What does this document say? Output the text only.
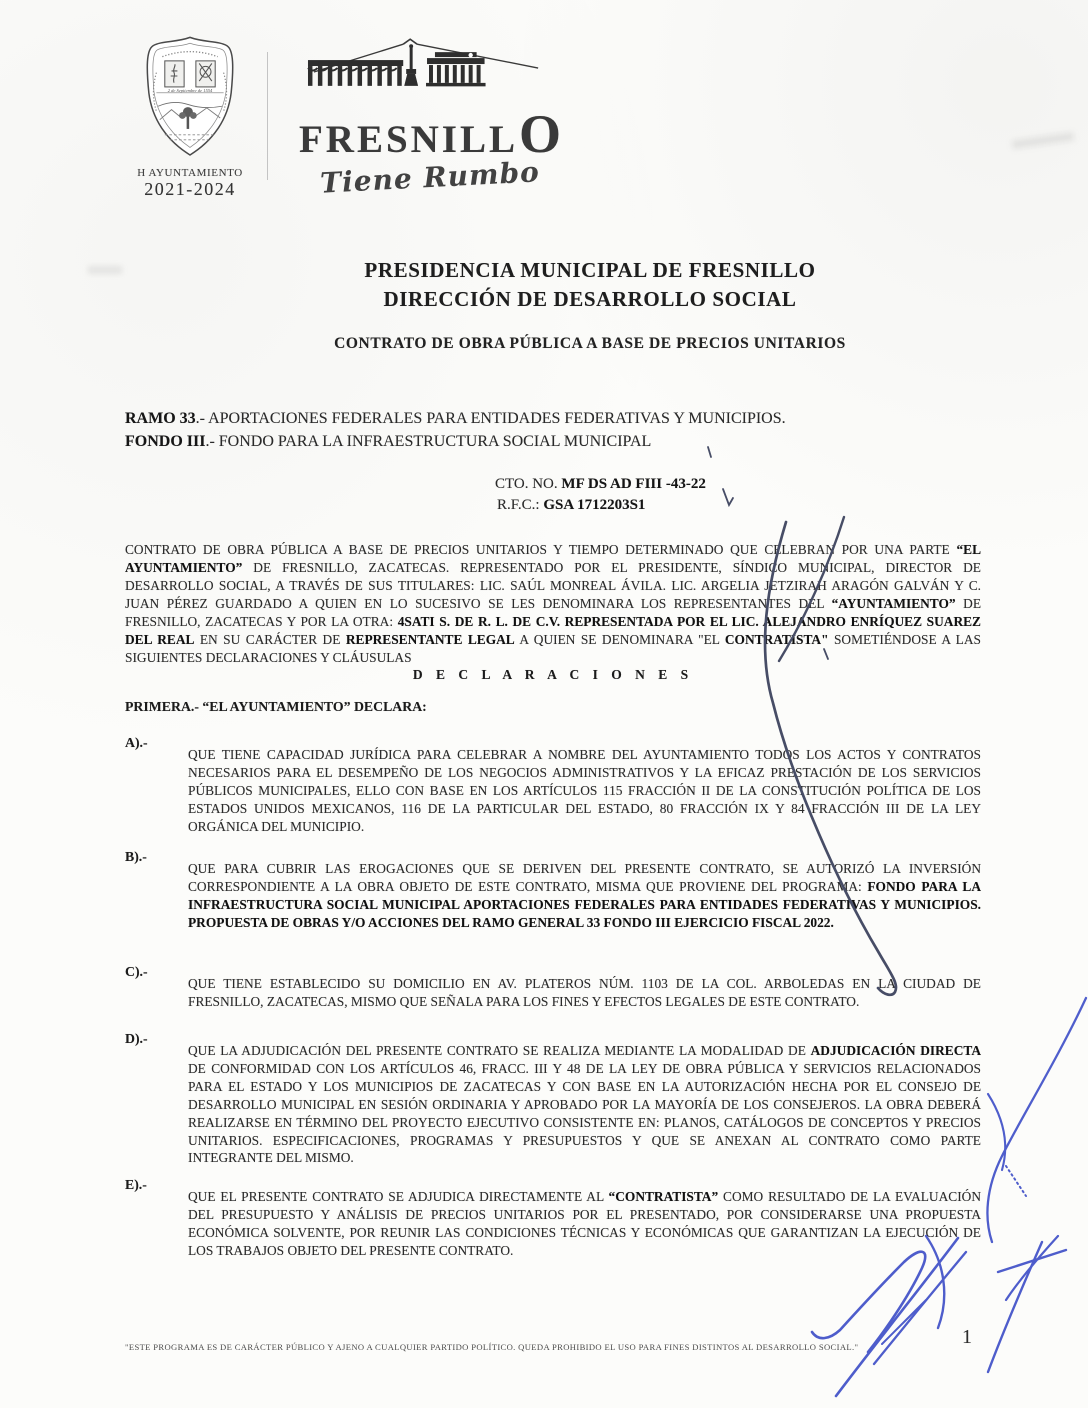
2 de Septiembre de 1554
H AYUNTAMIENTO
2021-2024
FRESNILL O
Tiene Rumbo
PRESIDENCIA MUNICIPAL DE FRESNILLO
DIRECCIÓN DE DESARROLLO SOCIAL
CONTRATO DE OBRA PÚBLICA A BASE DE PRECIOS UNITARIOS
RAMO 33.- APORTACIONES FEDERALES PARA ENTIDADES FEDERATIVAS Y MUNICIPIOS.
FONDO III.- FONDO PARA LA INFRAESTRUCTURA SOCIAL MUNICIPAL
CTO. NO. MF DS AD FIII -43-22
R.F.C.: GSA 1712203S1

CONTRATO DE OBRA PÚBLICA A BASE DE PRECIOS UNITARIOS Y TIEMPO DETERMINADO QUE CELEBRAN POR UNA PARTE “EL AYUNTAMIENTO” DE FRESNILLO, ZACATECAS. REPRESENTADO POR EL PRESIDENTE, SÍNDICO MUNICIPAL, DIRECTOR DE DESARROLLO SOCIAL, A TRAVÉS DE SUS TITULARES: LIC. SAÚL MONREAL ÁVILA. LIC. ARGELIA JETZIRAH ARAGÓN GALVÁN Y C. JUAN PÉREZ GUARDADO A QUIEN EN LO SUCESIVO SE LES DENOMINARA LOS REPRESENTANTES DEL “AYUNTAMIENTO” DE FRESNILLO, ZACATECAS Y POR LA OTRA: 4SATI S. DE R. L. DE C.V. REPRESENTADA POR EL LIC. ALEJANDRO ENRÍQUEZ SUAREZ DEL REAL EN SU CARÁCTER DE REPRESENTANTE LEGAL A QUIEN SE DENOMINARA "EL CONTRATISTA" SOMETIÉNDOSE A LAS SIGUIENTES DECLARACIONES Y CLÁUSULAS

D E C L A R A C I O N E S
PRIMERA.- “EL AYUNTAMIENTO” DECLARA:
A).-

QUE TIENE CAPACIDAD JURÍDICA PARA CELEBRAR A NOMBRE DEL AYUNTAMIENTO TODOS LOS ACTOS Y CONTRATOS NECESARIOS PARA EL DESEMPEÑO DE LOS NEGOCIOS ADMINISTRATIVOS Y LA EFICAZ PRESTACIÓN DE LOS SERVICIOS PÚBLICOS MUNICIPALES, ELLO CON BASE EN LOS ARTÍCULOS 115 FRACCIÓN II DE LA CONSTITUCIÓN POLÍTICA DE LOS ESTADOS UNIDOS MEXICANOS, 116 DE LA PARTICULAR DEL ESTADO, 80 FRACCIÓN IX Y 84 FRACCIÓN III DE LA LEY ORGÁNICA DEL MUNICIPIO.

B).-

QUE PARA CUBRIR LAS EROGACIONES QUE SE DERIVEN DEL PRESENTE CONTRATO, SE AUTORIZÓ LA INVERSIÓN CORRESPONDIENTE A LA OBRA OBJETO DE ESTE CONTRATO, MISMA QUE PROVIENE DEL PROGRAMA: FONDO PARA LA INFRAESTRUCTURA SOCIAL MUNICIPAL APORTACIONES FEDERALES PARA ENTIDADES FEDERATIVAS Y MUNICIPIOS. PROPUESTA DE OBRAS Y/O ACCIONES DEL RAMO GENERAL 33 FONDO III EJERCICIO FISCAL 2022.

C).-

QUE TIENE ESTABLECIDO SU DOMICILIO EN AV. PLATEROS NÚM. 1103 DE LA COL. ARBOLEDAS EN LA CIUDAD DE FRESNILLO, ZACATECAS, MISMO QUE SEÑALA PARA LOS FINES Y EFECTOS LEGALES DE ESTE CONTRATO.

D).-

QUE LA ADJUDICACIÓN DEL PRESENTE CONTRATO SE REALIZA MEDIANTE LA MODALIDAD DE ADJUDICACIÓN DIRECTA DE CONFORMIDAD CON LOS ARTÍCULOS 46, FRACC. III Y 48 DE LA LEY DE OBRA PÚBLICA Y SERVICIOS RELACIONADOS PARA EL ESTADO Y LOS MUNICIPIOS DE ZACATECAS Y CON BASE EN LA AUTORIZACIÓN HECHA POR EL CONSEJO DE DESARROLLO MUNICIPAL EN SESIÓN ORDINARIA Y APROBADO POR LA MAYORÍA DE LOS CONSEJEROS. LA OBRA DEBERÁ REALIZARSE EN TÉRMINO DEL PROYECTO EJECUTIVO CONSISTENTE EN: PLANOS, CATÁLOGOS DE CONCEPTOS Y PRECIOS UNITARIOS. ESPECIFICACIONES, PROGRAMAS Y PRESUPUESTOS Y QUE SE ANEXAN AL CONTRATO COMO PARTE INTEGRANTE DEL MISMO.

E).-

QUE EL PRESENTE CONTRATO SE ADJUDICA DIRECTAMENTE AL “CONTRATISTA” COMO RESULTADO DE LA EVALUACIÓN DEL PRESUPUESTO Y ANÁLISIS DE PRECIOS UNITARIOS POR EL PRESENTADO, POR CONSIDERARSE UNA PROPUESTA ECONÓMICA SOLVENTE, POR REUNIR LAS CONDICIONES TÉCNICAS Y ECONÓMICAS QUE GARANTIZAN LA EJECUCIÓN DE LOS TRABAJOS OBJETO DEL PRESENTE CONTRATO.

"ESTE PROGRAMA ES DE CARÁCTER PÚBLICO Y AJENO A CUALQUIER PARTIDO POLÍTICO. QUEDA PROHIBIDO EL USO PARA FINES DISTINTOS AL DESARROLLO SOCIAL."	1
